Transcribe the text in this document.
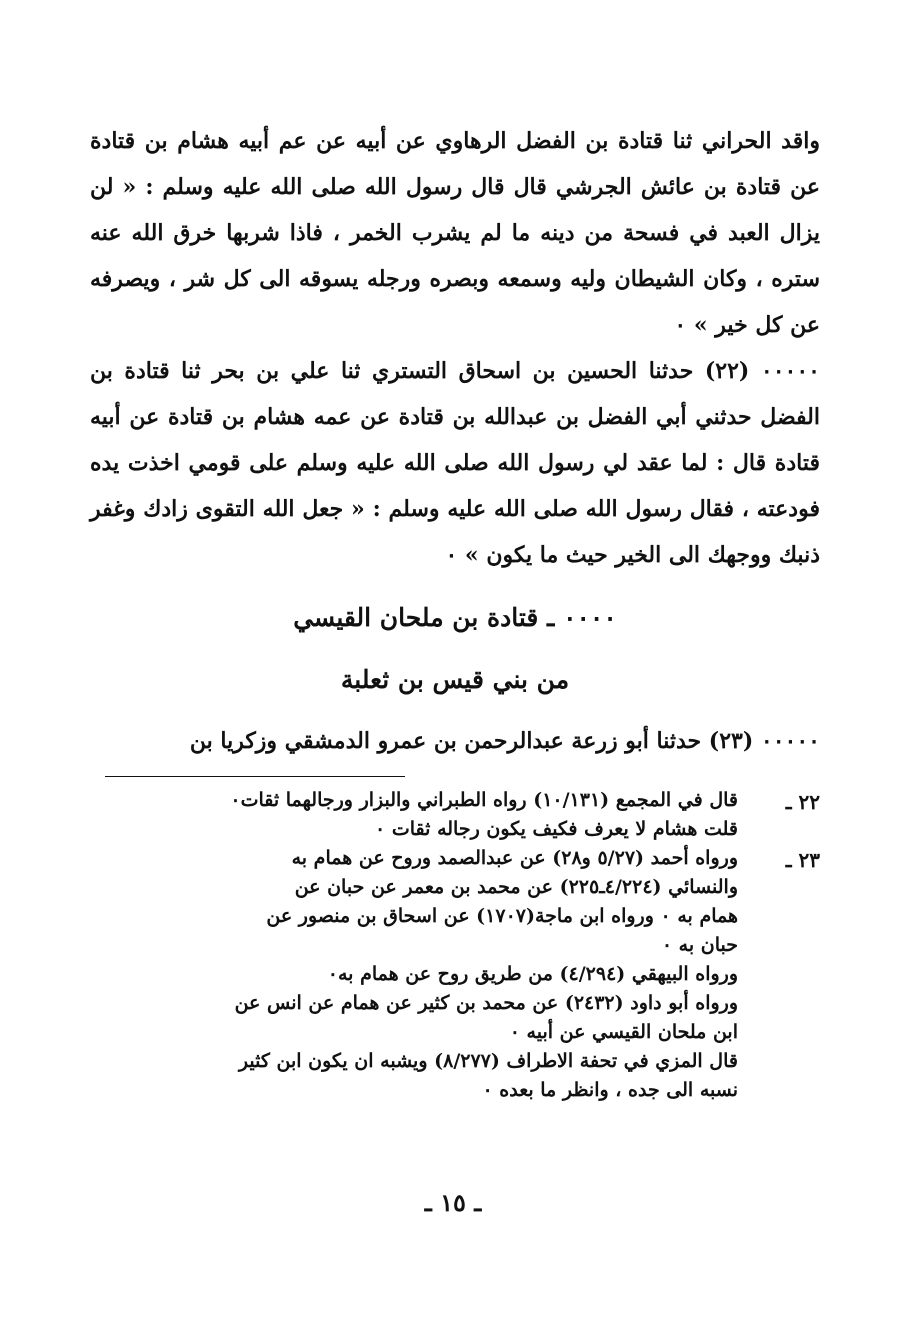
واقد الحراني ثنا قتادة بن الفضل الرهاوي عن أبيه عن عم أبيه هشام بن قتادة عن قتادة بن عائش الجرشي قال قال رسول الله صلى الله عليه وسلم : « لن يزال العبد في فسحة من دينه ما لم يشرب الخمر ، فاذا شربها خرق الله عنه ستره ، وكان الشيطان وليه وسمعه وبصره ورجله يسوقه الى كل شر ، ويصرفه عن كل خير » ٠

٠٠٠٠٠ (٢٢) حدثنا الحسين بن اسحاق التستري ثنا علي بن بحر ثنا قتادة بن الفضل حدثني أبي الفضل بن عبدالله بن قتادة عن عمه هشام بن قتادة عن أبيه قتادة قال : لما عقد لي رسول الله صلى الله عليه وسلم على قومي اخذت يده فودعته ، فقال رسول الله صلى الله عليه وسلم : « جعل الله التقوى زادك وغفر ذنبك ووجهك الى الخير حيث ما يكون » ٠

٠٠٠٠ ـ قتادة بن ملحان القيسي
من بني قيس بن ثعلبة

٠٠٠٠٠ (٢٣) حدثنا أبو زرعة عبدالرحمن بن عمرو الدمشقي وزكريا بن

٢٢ ـ
قال في المجمع (١٠/١٣١) رواه الطبراني والبزار ورجالهما ثقات٠
قلت هشام لا يعرف فكيف يكون رجاله ثقات ٠
٢٣ ـ
ورواه أحمد (٥/٢٧ و٢٨) عن عبدالصمد وروح عن همام به
والنسائي (٤/٢٢٤ـ٢٢٥) عن محمد بن معمر عن حبان عن
همام به ٠ ورواه ابن ماجة(١٧٠٧) عن اسحاق بن منصور عن
حبان به ٠
ورواه البيهقي (٤/٢٩٤) من طريق روح عن همام به٠
ورواه أبو داود (٢٤٣٢) عن محمد بن كثير عن همام عن انس عن
ابن ملحان القيسي عن أبيه ٠
قال المزي في تحفة الاطراف (٨/٢٧٧) ويشبه ان يكون ابن كثير
نسبه الى جده ، وانظر ما بعده ٠
ـ ١٥ ـ
